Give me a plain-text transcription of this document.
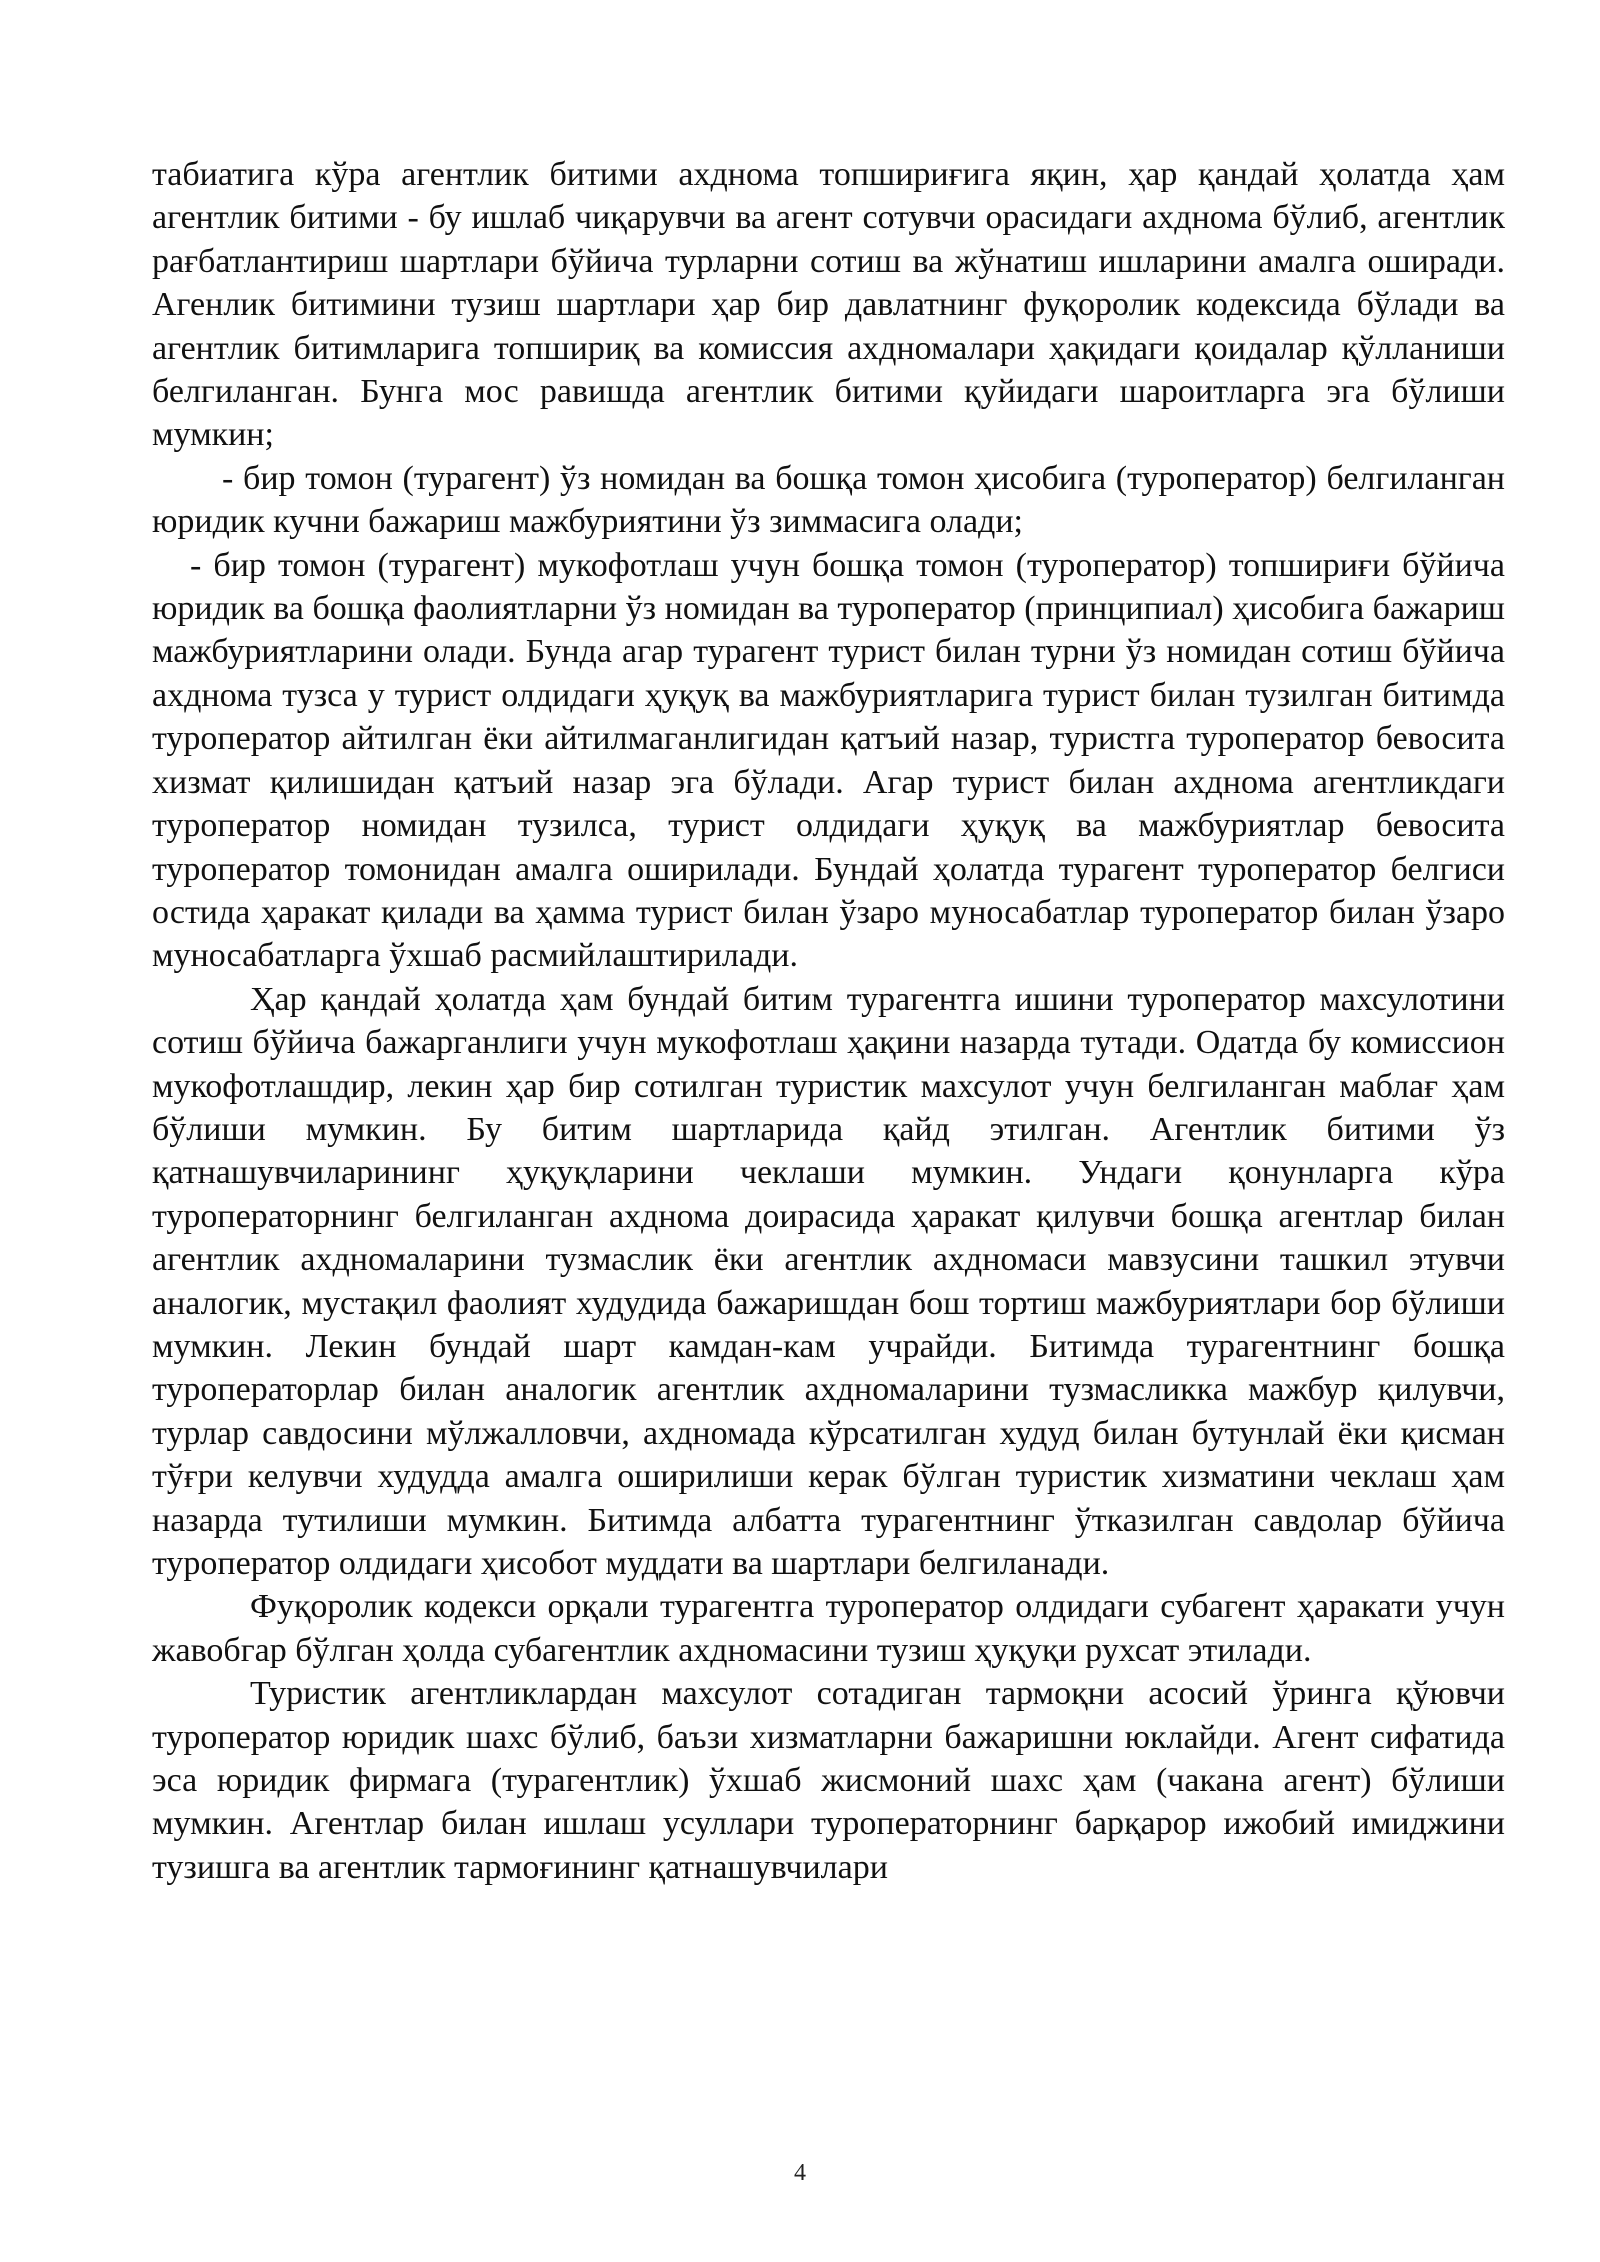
табиатига кўра агентлик битими ахднома топшириғига яқин, ҳар қандай ҳолатда ҳам агентлик битими - бу ишлаб чиқарувчи ва агент сотувчи орасидаги ахднома бўлиб, агентлик рағбатлантириш шартлари бўйича турларни сотиш ва жўнатиш ишларини амалга оширади. Агенлик битимини тузиш шартлари ҳар бир давлатнинг фуқоролик кодексида бўлади ва агентлик битимларига топшириқ ва комиссия ахдномалари ҳақидаги қоидалар қўлланиши белгиланган. Бунга мос равишда агентлик битими қуйидаги шароитларга эга бўлиши мумкин;

- бир томон (турагент) ўз номидан ва бошқа томон ҳисобига (туроператор) белгиланган юридик кучни бажариш мажбуриятини ўз зиммасига олади;

- бир томон (турагент) мукофотлаш учун бошқа томон (туроператор) топшириғи бўйича юридик ва бошқа фаолиятларни ўз номидан ва туроператор (принципиал) ҳисобига бажариш мажбуриятларини олади. Бунда агар турагент турист билан турни ўз номидан сотиш бўйича ахднома тузса у турист олдидаги ҳуқуқ ва мажбуриятларига турист билан тузилган битимда туроператор айтилган ёки айтилмаганлигидан қатъий назар, туристга туроператор бевосита хизмат қилишидан қатъий назар эга бўлади. Агар турист билан ахднома агентликдаги туроператор номидан тузилса, турист олдидаги ҳуқуқ ва мажбуриятлар бевосита туроператор томонидан амалга оширилади. Бундай ҳолатда турагент туроператор белгиси остида ҳаракат қилади ва ҳамма турист билан ўзаро муносабатлар туроператор билан ўзаро муносабатларга ўхшаб расмийлаштирилади.

Ҳар қандай ҳолатда ҳам бундай битим турагентга ишини туроператор махсулотини сотиш бўйича бажарганлиги учун мукофотлаш ҳақини назарда тутади. Одатда бу комиссион мукофотлашдир, лекин ҳар бир сотилган туристик махсулот учун белгиланган маблағ ҳам бўлиши мумкин. Бу битим шартларида қайд этилган. Агентлик битими ўз қатнашувчиларининг ҳуқуқларини чеклаши мумкин. Ундаги қонунларга кўра туроператорнинг белгиланган ахднома доирасида ҳаракат қилувчи бошқа агентлар билан агентлик ахдномаларини тузмаслик ёки агентлик ахдномаси мавзусини ташкил этувчи аналогик, мустақил фаолият худудида бажаришдан бош тортиш мажбуриятлари бор бўлиши мумкин. Лекин бундай шарт камдан-кам учрайди. Битимда турагентнинг бошқа туроператорлар билан аналогик агентлик ахдномаларини тузмасликка мажбур қилувчи, турлар савдосини мўлжалловчи, ахдномада кўрсатилган худуд билан бутунлай ёки қисман тўғри келувчи худудда амалга оширилиши керак бўлган туристик хизматини чеклаш ҳам назарда тутилиши мумкин. Битимда албатта турагентнинг ўтказилган савдолар бўйича туроператор олдидаги ҳисобот муддати ва шартлари белгиланади.

Фуқоролик кодекси орқали турагентга туроператор олдидаги субагент ҳаракати учун жавобгар бўлган ҳолда субагентлик ахдномасини тузиш ҳуқуқи рухсат этилади.

Туристик агентликлардан махсулот сотадиган тармоқни асосий ўринга қўювчи туроператор юридик шахс бўлиб, баъзи хизматларни бажаришни юклайди. Агент сифатида эса юридик фирмага (турагентлик) ўхшаб жисмоний шахс ҳам (чакана агент) бўлиши мумкин. Агентлар билан ишлаш усуллари туроператорнинг барқарор ижобий имиджини тузишга ва агентлик тармоғининг қатнашувчилари

4
